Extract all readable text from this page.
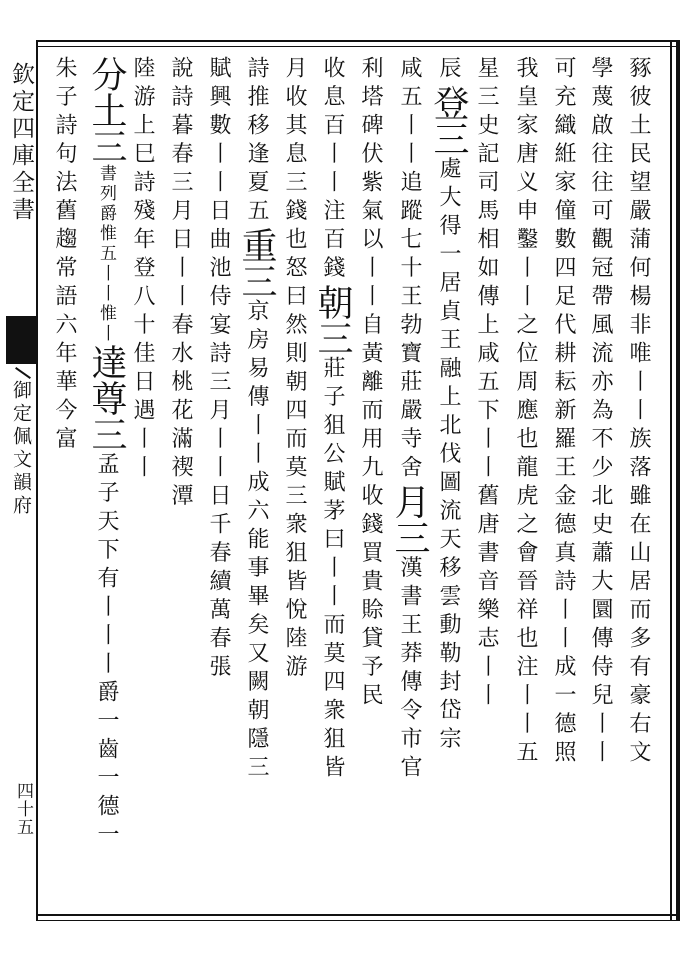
欽定四庫全書
御定佩文韻府
四十五
豩彼土民望嚴蒲何楊非唯丨丨族落雖在山居而多有豪右文
學蔑啟往往可觀冠帶風流亦為不少北史蕭大圜傳侍兒丨丨
可充織絍家僮數四足代耕耘新羅王金德真詩丨丨成一德照
我皇家唐义申鑿丨丨之位周應也龍虎之會晉祥也注丨丨五
星三史記司馬相如傳上咸五下丨丨舊唐書音樂志丨丨
辰登三處大得一居貞王融上北伐圖流天移雲動勒封岱宗
咸五丨丨追蹤七十王勃寶莊嚴寺舍月三漢書王莽傳令市官
利塔碑伏紫氣以丨丨自黃離而用九收錢買貴賒貸予民
收息百丨丨注百錢朝三莊子狙公賦茅曰丨丨而莫四衆狙皆
月收其息三錢也怒曰然則朝四而莫三衆狙皆悅陸游
詩推移逢夏五重三京房易傳丨丨成六能事畢矣又闕朝隱三
賦興數丨丨日曲池侍宴詩三月丨丨日千春續萬春張
說詩暮春三月日丨丨春水桃花滿禊潭
陸游上巳詩殘年登八十佳日遇丨丨
分土三書列爵惟五丨丨惟丨達尊三孟子天下有丨丨丨爵一齒一德一
朱子詩句法舊趨常語六年華今富
